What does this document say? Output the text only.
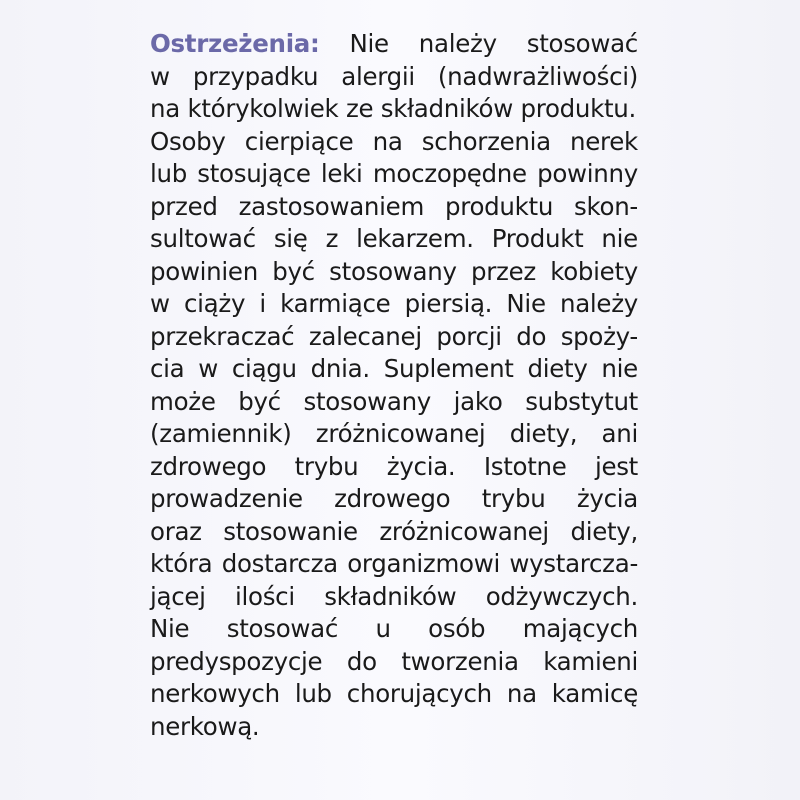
Ostrzeżenia: Nie należy stosować
w przypadku alergii (nadwrażliwości)
na którykolwiek ze składników produktu.
Osoby cierpiące na schorzenia nerek
lub stosujące leki moczopędne powinny
przed zastosowaniem produktu skon-
sultować się z lekarzem. Produkt nie
powinien być stosowany przez kobiety
w ciąży i karmiące piersią. Nie należy
przekraczać zalecanej porcji do spoży-
cia w ciągu dnia. Suplement diety nie
może być stosowany jako substytut
(zamiennik) zróżnicowanej diety, ani
zdrowego trybu życia. Istotne jest
prowadzenie zdrowego trybu życia
oraz stosowanie zróżnicowanej diety,
która dostarcza organizmowi wystarcza-
jącej ilości składników odżywczych.
Nie stosować u osób mających
predyspozycje do tworzenia kamieni
nerkowych lub chorujących na kamicę
nerkową.
